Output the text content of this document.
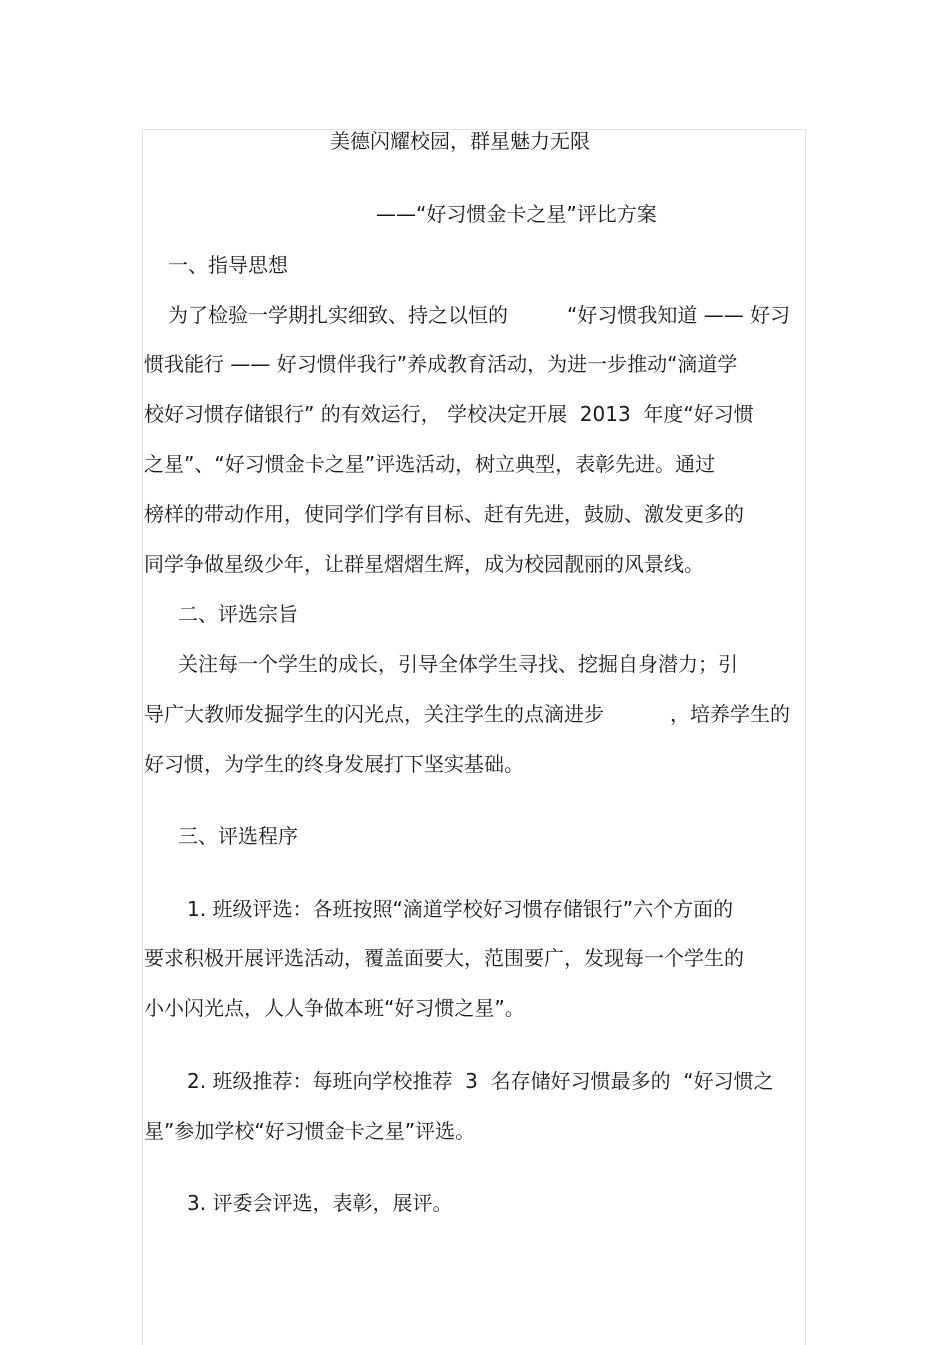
美德闪耀校园，群星魅力无限
——“好习惯金卡之星”评比方案
一、指导思想
为了检验一学期扎实细致、持之以恒的	“好习惯我知道 —— 好习
惯我能行 —— 好习惯伴我行”养成教育活动，为进一步推动“滴道学
校好习惯存储银行” 的有效运行， 学校决定开展  2013  年度“好习惯
之星”、“好习惯金卡之星”评选活动，树立典型，表彰先进。通过
榜样的带动作用，使同学们学有目标、赶有先进，鼓励、激发更多的
同学争做星级少年，让群星熠熠生辉，成为校园靓丽的风景线。
二、评选宗旨
关注每一个学生的成长，引导全体学生寻找、挖掘自身潜力；引
导广大教师发掘学生的闪光点，关注学生的点滴进步	，培养学生的
好习惯，为学生的终身发展打下坚实基础。
三、评选程序
1. 班级评选：各班按照“滴道学校好习惯存储银行”六个方面的
要求积极开展评选活动，覆盖面要大，范围要广，发现每一个学生的
小小闪光点，人人争做本班“好习惯之星”。
2. 班级推荐：每班向学校推荐  3  名存储好习惯最多的  “好习惯之
星”参加学校“好习惯金卡之星”评选。
3. 评委会评选，表彰，展评。
